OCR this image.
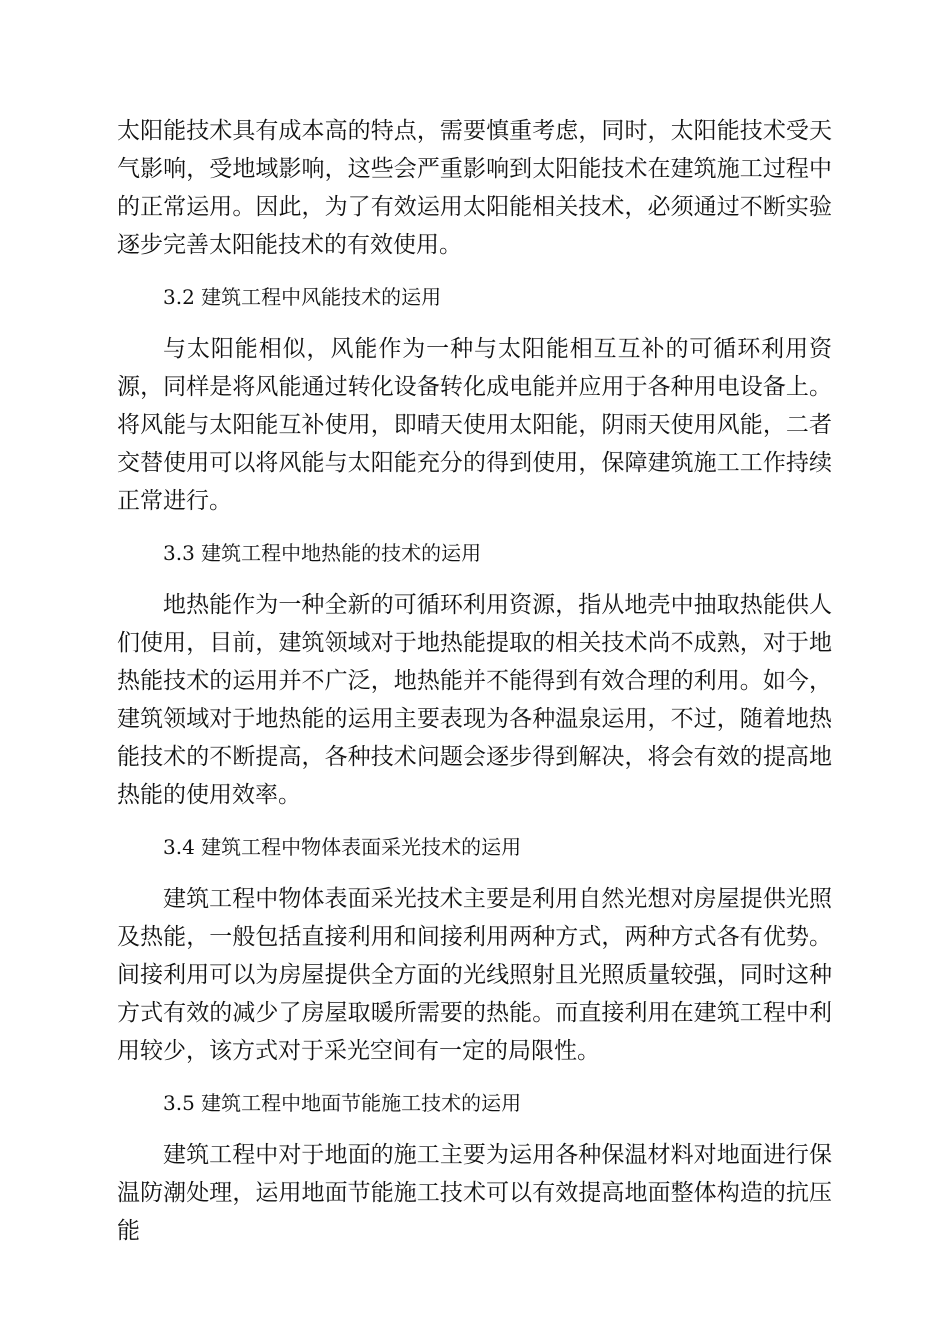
太阳能技术具有成本高的特点，需要慎重考虑，同时，太阳能技术受天气影响，受地域影响，这些会严重影响到太阳能技术在建筑施工过程中的正常运用。因此，为了有效运用太阳能相关技术，必须通过不断实验逐步完善太阳能技术的有效使用。

3.2 建筑工程中风能技术的运用

与太阳能相似，风能作为一种与太阳能相互互补的可循环利用资源，同样是将风能通过转化设备转化成电能并应用于各种用电设备上。将风能与太阳能互补使用，即晴天使用太阳能，阴雨天使用风能，二者交替使用可以将风能与太阳能充分的得到使用，保障建筑施工工作持续正常进行。

3.3 建筑工程中地热能的技术的运用

地热能作为一种全新的可循环利用资源，指从地壳中抽取热能供人们使用，目前，建筑领域对于地热能提取的相关技术尚不成熟，对于地热能技术的运用并不广泛，地热能并不能得到有效合理的利用。如今，建筑领域对于地热能的运用主要表现为各种温泉运用，不过，随着地热能技术的不断提高，各种技术问题会逐步得到解决，将会有效的提高地热能的使用效率。

3.4 建筑工程中物体表面采光技术的运用

建筑工程中物体表面采光技术主要是利用自然光想对房屋提供光照及热能，一般包括直接利用和间接利用两种方式，两种方式各有优势。间接利用可以为房屋提供全方面的光线照射且光照质量较强，同时这种方式有效的减少了房屋取暖所需要的热能。而直接利用在建筑工程中利用较少，该方式对于采光空间有一定的局限性。

3.5 建筑工程中地面节能施工技术的运用

建筑工程中对于地面的施工主要为运用各种保温材料对地面进行保温防潮处理，运用地面节能施工技术可以有效提高地面整体构造的抗压能
